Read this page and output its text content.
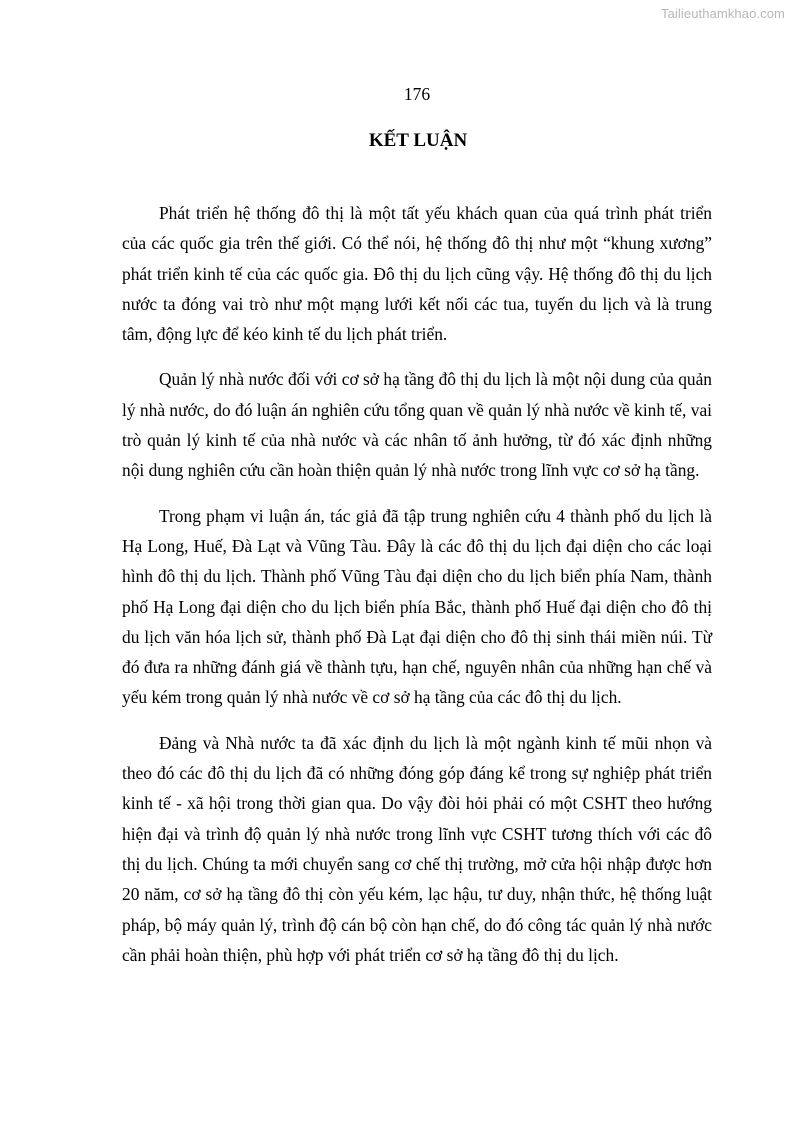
Tailieuthamkhao.com
176
KẾT LUẬN

Phát triển hệ thống đô thị là một tất yếu khách quan của quá trình phát triển của các quốc gia trên thế giới. Có thể nói, hệ thống đô thị như một “khung xương” phát triển kinh tế của các quốc gia. Đô thị du lịch cũng vậy. Hệ thống đô thị du lịch nước ta đóng vai trò như một mạng lưới kết nối các tua, tuyến du lịch và là trung tâm, động lực để kéo kinh tế du lịch phát triển.

Quản lý nhà nước đối với cơ sở hạ tầng đô thị du lịch là một nội dung của quản lý nhà nước, do đó luận án nghiên cứu tổng quan về quản lý nhà nước về kinh tế, vai trò quản lý kinh tế của nhà nước và các nhân tố ảnh hưởng, từ đó xác định những nội dung nghiên cứu cần hoàn thiện quản lý nhà nước trong lĩnh vực cơ sở hạ tầng.

Trong phạm vi luận án, tác giả đã tập trung nghiên cứu 4 thành phố du lịch là Hạ Long, Huế, Đà Lạt và Vũng Tàu. Đây là các đô thị du lịch đại diện cho các loại hình đô thị du lịch. Thành phố Vũng Tàu đại diện cho du lịch biển phía Nam, thành phố Hạ Long đại diện cho du lịch biển phía Bắc, thành phố Huế đại diện cho đô thị du lịch văn hóa lịch sử, thành phố Đà Lạt đại diện cho đô thị sinh thái miền núi. Từ đó đưa ra những đánh giá về thành tựu, hạn chế, nguyên nhân của những hạn chế và yếu kém trong quản lý nhà nước về cơ sở hạ tầng của các đô thị du lịch.

Đảng và Nhà nước ta đã xác định du lịch là một ngành kinh tế mũi nhọn và theo đó các đô thị du lịch đã có những đóng góp đáng kể trong sự nghiệp phát triển kinh tế - xã hội trong thời gian qua. Do vậy đòi hỏi phải có một CSHT theo hướng hiện đại và trình độ quản lý nhà nước trong lĩnh vực CSHT tương thích với các đô thị du lịch. Chúng ta mới chuyển sang cơ chế thị trường, mở cửa hội nhập được hơn 20 năm, cơ sở hạ tầng đô thị còn yếu kém, lạc hậu, tư duy, nhận thức, hệ thống luật pháp, bộ máy quản lý, trình độ cán bộ còn hạn chế, do đó công tác quản lý nhà nước cần phải hoàn thiện, phù hợp với phát triển cơ sở hạ tầng đô thị du lịch.
